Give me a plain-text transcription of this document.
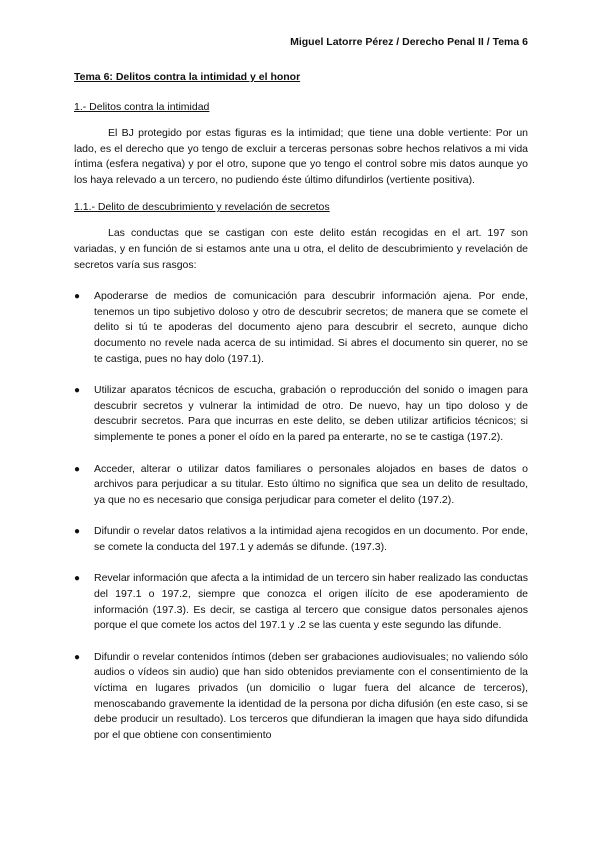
Miguel Latorre Pérez / Derecho Penal II / Tema 6
Tema 6: Delitos contra la intimidad y el honor
1.- Delitos contra la intimidad

El BJ protegido por estas figuras es la intimidad; que tiene una doble vertiente: Por un lado, es el derecho que yo tengo de excluir a terceras personas sobre hechos relativos a mi vida íntima (esfera negativa) y por el otro, supone que yo tengo el control sobre mis datos aunque yo los haya relevado a un tercero, no pudiendo éste último difundirlos (vertiente positiva).

1.1.- Delito de descubrimiento y revelación de secretos

Las conductas que se castigan con este delito están recogidas en el art. 197 son variadas, y en función de si estamos ante una u otra, el delito de descubrimiento y revelación de secretos varía sus rasgos:

● Apoderarse de medios de comunicación para descubrir información ajena. Por ende, tenemos un tipo subjetivo doloso y otro de descubrir secretos; de manera que se comete el delito si tú te apoderas del documento ajeno para descubrir el secreto, aunque dicho documento no revele nada acerca de su intimidad. Si abres el documento sin querer, no se te castiga, pues no hay dolo (197.1).
● Utilizar aparatos técnicos de escucha, grabación o reproducción del sonido o imagen para descubrir secretos y vulnerar la intimidad de otro. De nuevo, hay un tipo doloso y de descubrir secretos. Para que incurras en este delito, se deben utilizar artificios técnicos; si simplemente te pones a poner el oído en la pared pa enterarte, no se te castiga (197.2).
● Acceder, alterar o utilizar datos familiares o personales alojados en bases de datos o archivos para perjudicar a su titular. Esto último no significa que sea un delito de resultado, ya que no es necesario que consiga perjudicar para cometer el delito (197.2).
● Difundir o revelar datos relativos a la intimidad ajena recogidos en un documento. Por ende, se comete la conducta del 197.1 y además se difunde. (197.3).
● Revelar información que afecta a la intimidad de un tercero sin haber realizado las conductas del 197.1 o 197.2, siempre que conozca el origen ilícito de ese apoderamiento de información (197.3). Es decir, se castiga al tercero que consigue datos personales ajenos porque el que comete los actos del 197.1 y .2 se las cuenta y este segundo las difunde.
● Difundir o revelar contenidos íntimos (deben ser grabaciones audiovisuales; no valiendo sólo audios o vídeos sin audio) que han sido obtenidos previamente con el consentimiento de la víctima en lugares privados (un domicilio o lugar fuera del alcance de terceros), menoscabando gravemente la identidad de la persona por dicha difusión (en este caso, si se debe producir un resultado). Los terceros que difundieran la imagen que haya sido difundida por el que obtiene con consentimiento
